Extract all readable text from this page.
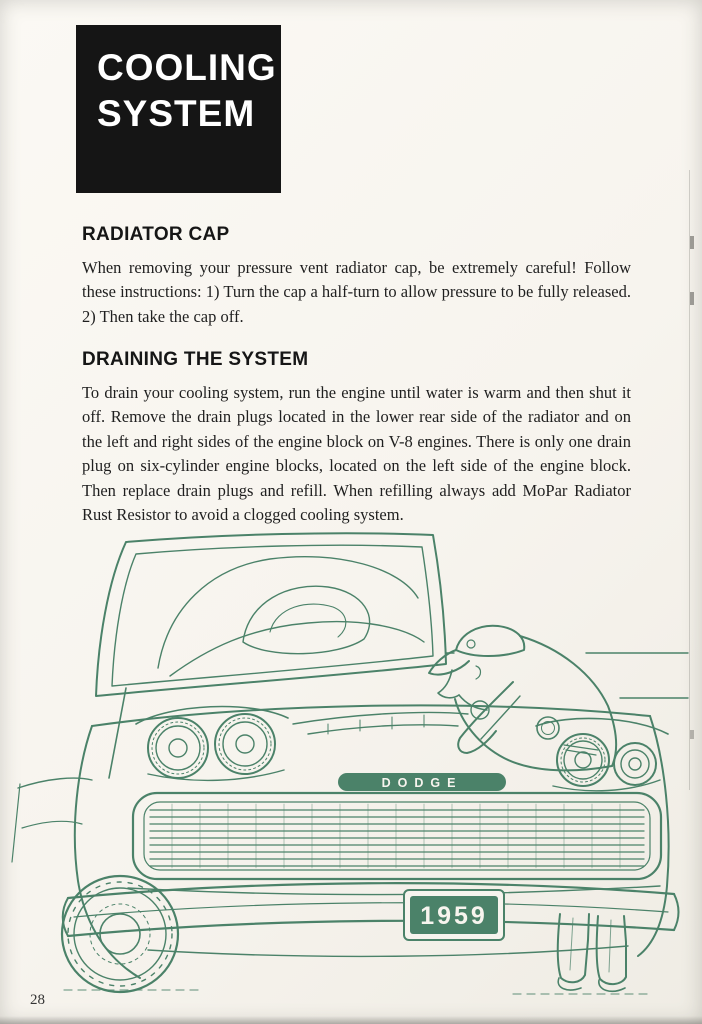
COOLING
SYSTEM
RADIATOR CAP

When removing your pressure vent radiator cap, be extremely careful! Follow these instructions: 1) Turn the cap a half-turn to allow pressure to be fully released. 2) Then take the cap off.

DRAINING THE SYSTEM

To drain your cooling system, run the engine until water is warm and then shut it off. Remove the drain plugs located in the lower rear side of the radiator and on the left and right sides of the engine block on V-8 engines. There is only one drain plug on six-cylinder engine blocks, located on the left side of the engine block. Then replace drain plugs and refill. When refilling always add MoPar Radiator Rust Resistor to avoid a clogged cooling system.

DODGE
1959
28
